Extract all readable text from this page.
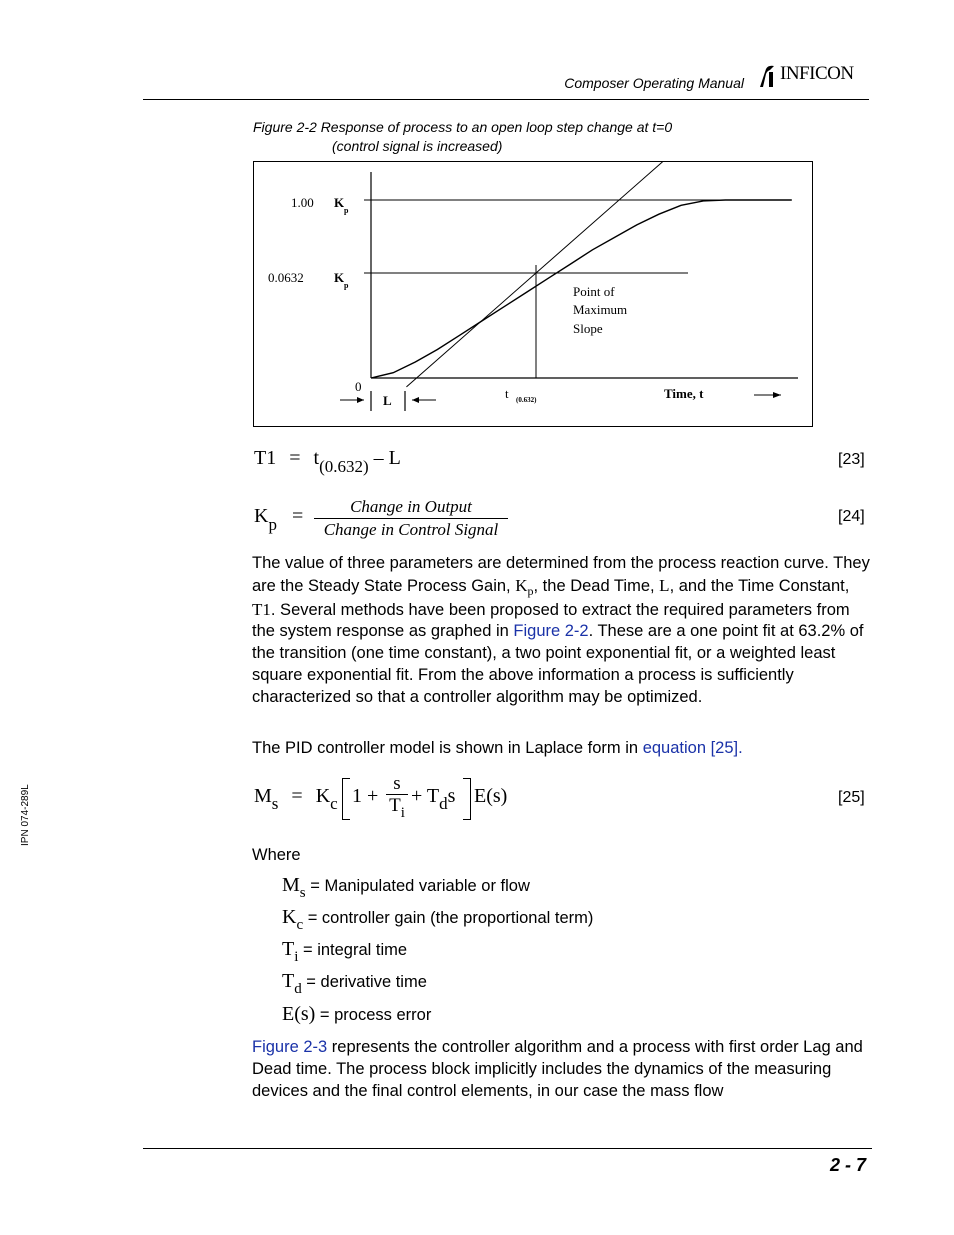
Composer Operating Manual INFICON
Figure 2-2 Response of process to an open loop step change at t=0
(control signal is increased)
1.00 K
p
0.0632 K
p
0
Point of
Maximum
Slope
L	t (0.632)	Time, t
$T1 = t_{(0.632)} - L$	[23]
$K_p$ =	Change in Output
Change in Control Signal
[24]
The value of three parameters are determined from the process reaction curve. They are the Steady State Process Gain, $K_p$, the Dead Time, L, and the Time Constant, T1. Several methods have been proposed to extract the required parameters from the system response as graphed in Figure 2-2. These are a one point fit at 63.2% of the transition (one time constant), a two point exponential fit, or a weighted least square exponential fit. From the above information a process is sufficiently characterized so that a controller algorithm may be optimized.
The PID controller model is shown in Laplace form in equation [25].
$M_s = K_c$ 1 +
s
$T_i$
+ $T_ds$ E(s)	[25]
Where
Ms = Manipulated variable or flow
Kc = controller gain (the proportional term)
Ti = integral time
Td = derivative time
E(s) = process error
Figure 2-3 represents the controller algorithm and a process with first order Lag and Dead time. The process block implicitly includes the dynamics of the measuring devices and the final control elements, in our case the mass flow
IPN 074-289L
2 - 7
